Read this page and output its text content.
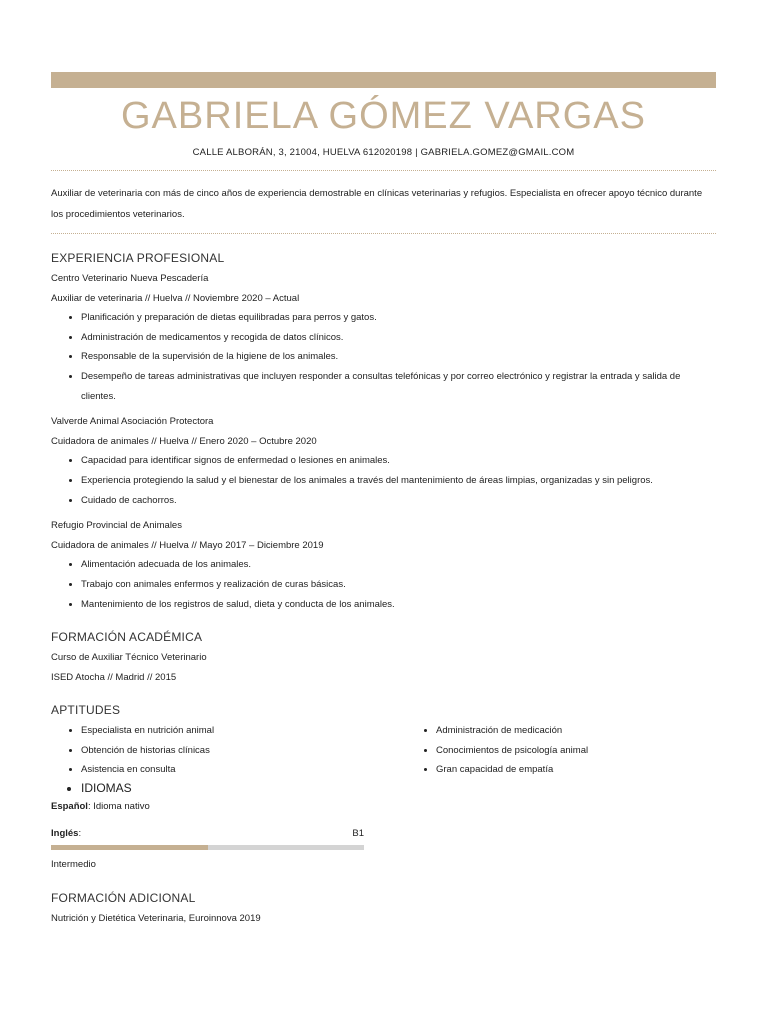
GABRIELA GÓMEZ VARGAS
CALLE ALBORÁN, 3, 21004, HUELVA 612020198 | GABRIELA.GOMEZ@GMAIL.COM
Auxiliar de veterinaria con más de cinco años de experiencia demostrable en clínicas veterinarias y refugios. Especialista en ofrecer apoyo técnico durante los procedimientos veterinarios.
EXPERIENCIA PROFESIONAL
Centro Veterinario Nueva Pescadería
Auxiliar de veterinaria // Huelva // Noviembre 2020 – Actual
• Planificación y preparación de dietas equilibradas para perros y gatos.
• Administración de medicamentos y recogida de datos clínicos.
• Responsable de la supervisión de la higiene de los animales.
• Desempeño de tareas administrativas que incluyen responder a consultas telefónicas y por correo electrónico y registrar la entrada y salida de clientes.
Valverde Animal Asociación Protectora
Cuidadora de animales // Huelva // Enero 2020 – Octubre 2020
• Capacidad para identificar signos de enfermedad o lesiones en animales.
• Experiencia protegiendo la salud y el bienestar de los animales a través del mantenimiento de áreas limpias, organizadas y sin peligros.
• Cuidado de cachorros.
Refugio Provincial de Animales
Cuidadora de animales // Huelva // Mayo 2017 – Diciembre 2019
• Alimentación adecuada de los animales.
• Trabajo con animales enfermos y realización de curas básicas.
• Mantenimiento de los registros de salud, dieta y conducta de los animales.
FORMACIÓN ACADÉMICA
Curso de Auxiliar Técnico Veterinario
ISED Atocha // Madrid // 2015
APTITUDES
• Especialista en nutrición animal
• Obtención de historias clínicas
• Asistencia en consulta
• IDIOMAS
• Administración de medicación
• Conocimientos de psicología animal
• Gran capacidad de empatía
Español: Idioma nativo
Inglés:	B1
Intermedio
FORMACIÓN ADICIONAL
Nutrición y Dietética Veterinaria, Euroinnova 2019
